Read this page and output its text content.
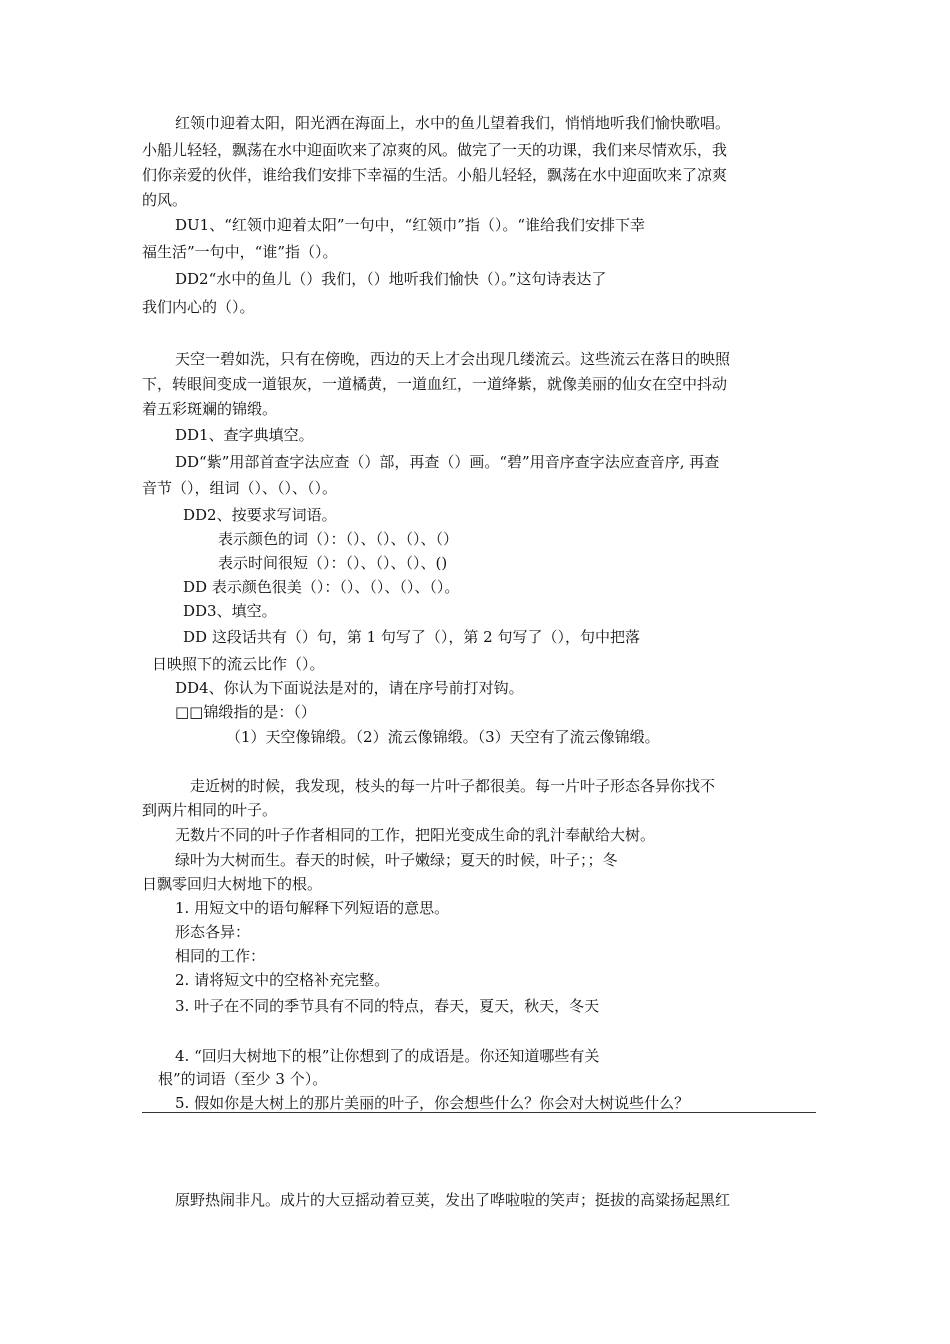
红领巾迎着太阳，阳光洒在海面上，水中的鱼儿望着我们，悄悄地听我们愉快歌唱。
小船儿轻轻，飘荡在水中迎面吹来了凉爽的风。做完了一天的功课，我们来尽情欢乐，我
们你亲爱的伙伴，谁给我们安排下幸福的生活。小船儿轻轻，飘荡在水中迎面吹来了凉爽
的风。
DU1、“红领巾迎着太阳”一句中，“红领巾”指（）。“谁给我们安排下幸
福生活”一句中，“谁”指（）。
DD2“水中的鱼儿（）我们，（）地听我们愉快（）。”这句诗表达了
我们内心的（）。
天空一碧如洗，只有在傍晚，西边的天上才会出现几缕流云。这些流云在落日的映照
下，转眼间变成一道银灰，一道橘黄，一道血红，一道绛紫，就像美丽的仙女在空中抖动
着五彩斑斓的锦缎。
DD1、查字典填空。
DD“紫”用部首查字法应查（）部，再查（）画。“碧”用音序查字法应查音序, 再查
音节（），组词（）、（）、（）。
DD2、按要求写词语。
表示颜色的词（）：（）、（）、（）、（）
表示时间很短（）：（）、（）、（）、()
DD 表示颜色很美（）：（）、（）、（）、（）。
DD3、填空。
DD 这段话共有（）句，第 1 句写了（），第 2 句写了（），句中把落
日映照下的流云比作（）。
DD4、你认为下面说法是对的，请在序号前打对钩。
□□锦缎指的是：（）
（1）天空像锦缎。（2）流云像锦缎。（3）天空有了流云像锦缎。
走近树的时候，我发现，枝头的每一片叶子都很美。每一片叶子形态各异你找不
到两片相同的叶子。
无数片不同的叶子作者相同的工作，把阳光变成生命的乳汁奉献给大树。
绿叶为大树而生。春天的时候，叶子嫩绿；夏天的时候，叶子；；冬
日飘零回归大树地下的根。
1. 用短文中的语句解释下列短语的意思。
形态各异：
相同的工作：
2. 请将短文中的空格补充完整。
3. 叶子在不同的季节具有不同的特点，春天，夏天，秋天，冬天
4. “回归大树地下的根”让你想到了的成语是。你还知道哪些有关
根”的词语（至少 3 个）。
5. 假如你是大树上的那片美丽的叶子，你会想些什么？你会对大树说些什么？
原野热闹非凡。成片的大豆摇动着豆荚，发出了哗啦啦的笑声；挺拔的高粱扬起黑红
